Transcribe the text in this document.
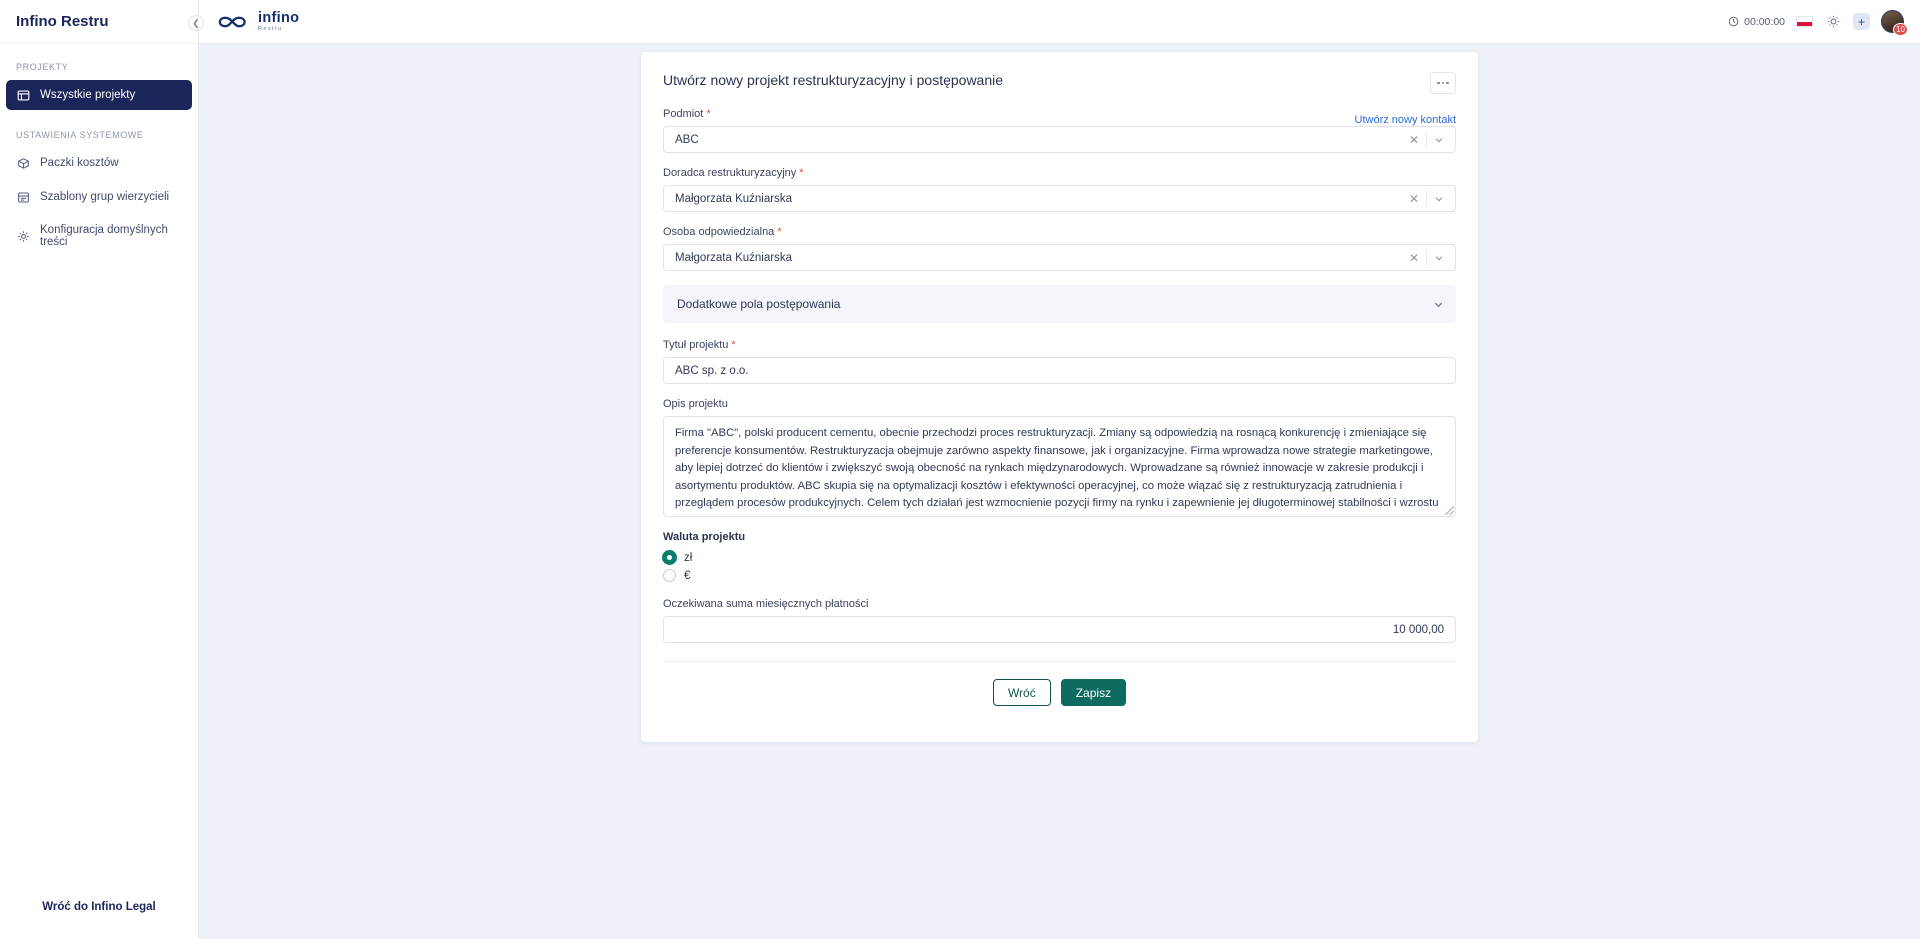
Infino Restru	❮
PROJEKTY
Wszystkie projekty
USTAWIENIA SYSTEMOWE
Paczki kosztów
Szablony grup wierzycieli
Konfiguracja domyślnych treści
Wróć do Infino Legal
infino
Restru
00:00:00	+
10
Utwórz nowy projekt restrukturyzacyjny i postępowanie
Podmiot *	Utwórz nowy kontakt
ABC	✕
Doradca restrukturyzacyjny *
Małgorzata Kuźniarska	✕
Osoba odpowiedzialna *
Małgorzata Kuźniarska	✕
Dodatkowe pola postępowania
Tytuł projektu *
ABC sp. z o.o.
Opis projektu
Firma "ABC", polski producent cementu, obecnie przechodzi proces restrukturyzacji. Zmiany są odpowiedzią na rosnącą konkurencję i zmieniające się preferencje konsumentów. Restrukturyzacja obejmuje zarówno aspekty finansowe, jak i organizacyjne. Firma wprowadza nowe strategie marketingowe, aby lepiej dotrzeć do klientów i zwiększyć swoją obecność na rynkach międzynarodowych. Wprowadzane są również innowacje w zakresie produkcji i asortymentu produktów. ABC skupia się na optymalizacji kosztów i efektywności operacyjnej, co może wiązać się z restrukturyzacją zatrudnienia i przeglądem procesów produkcyjnych. Celem tych działań jest wzmocnienie pozycji firmy na rynku i zapewnienie jej długoterminowej stabilności i wzrostu
Waluta projektu
zł
€
Oczekiwana suma miesięcznych płatności
10 000,00
Wróć	Zapisz
